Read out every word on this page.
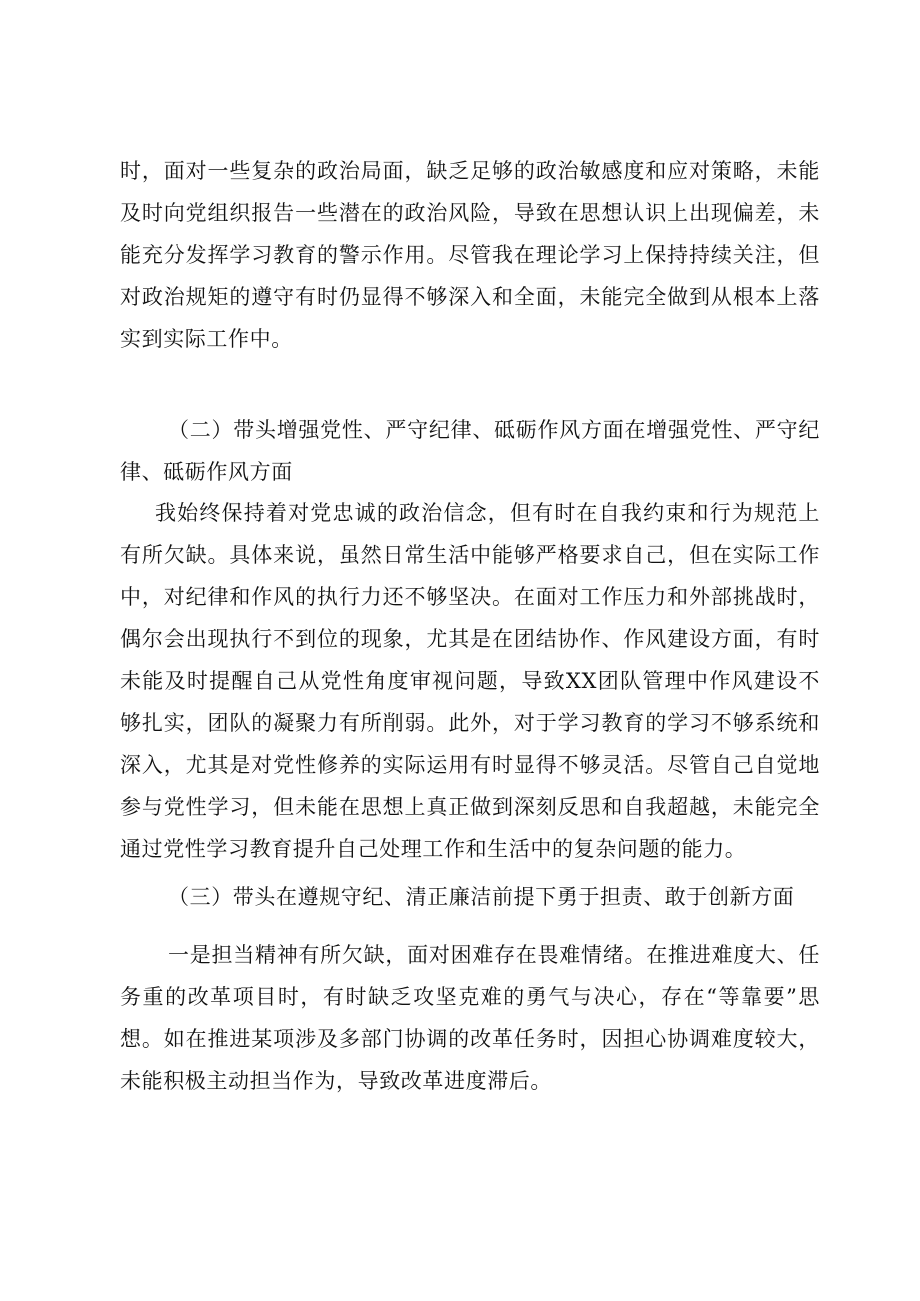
时，面对一些复杂的政治局面，缺乏足够的政治敏感度和应对策略，未能及时向党组织报告一些潜在的政治风险，导致在思想认识上出现偏差，未能充分发挥学习教育的警示作用。尽管我在理论学习上保持持续关注，但对政治规矩的遵守有时仍显得不够深入和全面，未能完全做到从根本上落实到实际工作中。

（二）带头增强党性、严守纪律、砥砺作风方面在增强党性、严守纪律、砥砺作风方面

我始终保持着对党忠诚的政治信念，但有时在自我约束和行为规范上有所欠缺。具体来说，虽然日常生活中能够严格要求自己，但在实际工作中，对纪律和作风的执行力还不够坚决。在面对工作压力和外部挑战时，偶尔会出现执行不到位的现象，尤其是在团结协作、作风建设方面，有时未能及时提醒自己从党性角度审视问题，导致XX团队管理中作风建设不够扎实，团队的凝聚力有所削弱。此外，对于学习教育的学习不够系统和深入，尤其是对党性修养的实际运用有时显得不够灵活。尽管自己自觉地参与党性学习，但未能在思想上真正做到深刻反思和自我超越，未能完全通过党性学习教育提升自己处理工作和生活中的复杂问题的能力。

（三）带头在遵规守纪、清正廉洁前提下勇于担责、敢于创新方面

一是担当精神有所欠缺，面对困难存在畏难情绪。在推进难度大、任务重的改革项目时，有时缺乏攻坚克难的勇气与决心，存在“等靠要”思想。如在推进某项涉及多部门协调的改革任务时，因担心协调难度较大，未能积极主动担当作为，导致改革进度滞后。
